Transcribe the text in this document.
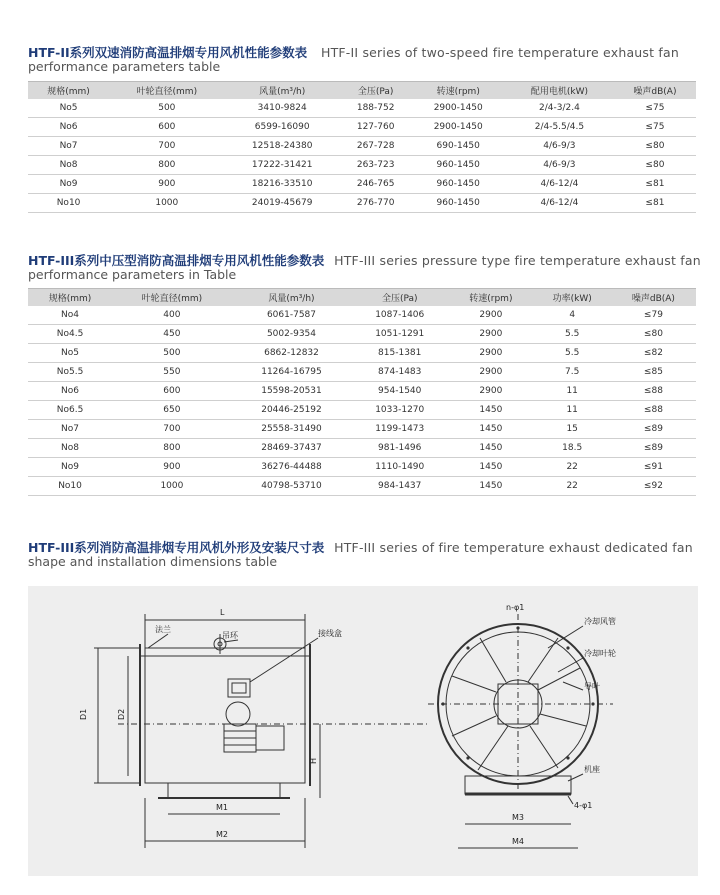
HTF-II系列双速消防高温排烟专用风机性能参数表 HTF-II series of two-speed fire temperature exhaust fan
performance parameters table
规格(mm)	叶轮直径(mm)	风量(m³/h)	全压(Pa)	转速(rpm)	配用电机(kW)	噪声dB(A)
No5	500	3410-9824	188-752	2900-1450	2/4-3/2.4	≤75
No6	600	6599-16090	127-760	2900-1450	2/4-5.5/4.5	≤75
No7	700	12518-24380	267-728	690-1450	4/6-9/3	≤80
No8	800	17222-31421	263-723	960-1450	4/6-9/3	≤80
No9	900	18216-33510	246-765	960-1450	4/6-12/4	≤81
No10	1000	24019-45679	276-770	960-1450	4/6-12/4	≤81
HTF-III系列中压型消防高温排烟专用风机性能参数表 HTF-III series pressure type fire temperature exhaust fan
performance parameters in Table
规格(mm)	叶轮直径(mm)	风量(m³/h)	全压(Pa)	转速(rpm)	功率(kW)	噪声dB(A)
No4	400	6061-7587	1087-1406	2900	4	≤79
No4.5	450	5002-9354	1051-1291	2900	5.5	≤80
No5	500	6862-12832	815-1381	2900	5.5	≤82
No5.5	550	11264-16795	874-1483	2900	7.5	≤85
No6	600	15598-20531	954-1540	2900	11	≤88
No6.5	650	20446-25192	1033-1270	1450	11	≤88
No7	700	25558-31490	1199-1473	1450	15	≤89
No8	800	28469-37437	981-1496	1450	18.5	≤89
No9	900	36276-44488	1110-1490	1450	22	≤91
No10	1000	40798-53710	984-1437	1450	22	≤92
HTF-III系列消防高温排烟专用风机外形及安装尺寸表 HTF-III series of fire temperature exhaust dedicated fan
shape and installation dimensions table
L
法兰
吊环	接线盒
D1	D2
H
M1
M2
M3
M4
n-φ1
冷却风管
冷却叶轮
导叶
机座
4-φ1
